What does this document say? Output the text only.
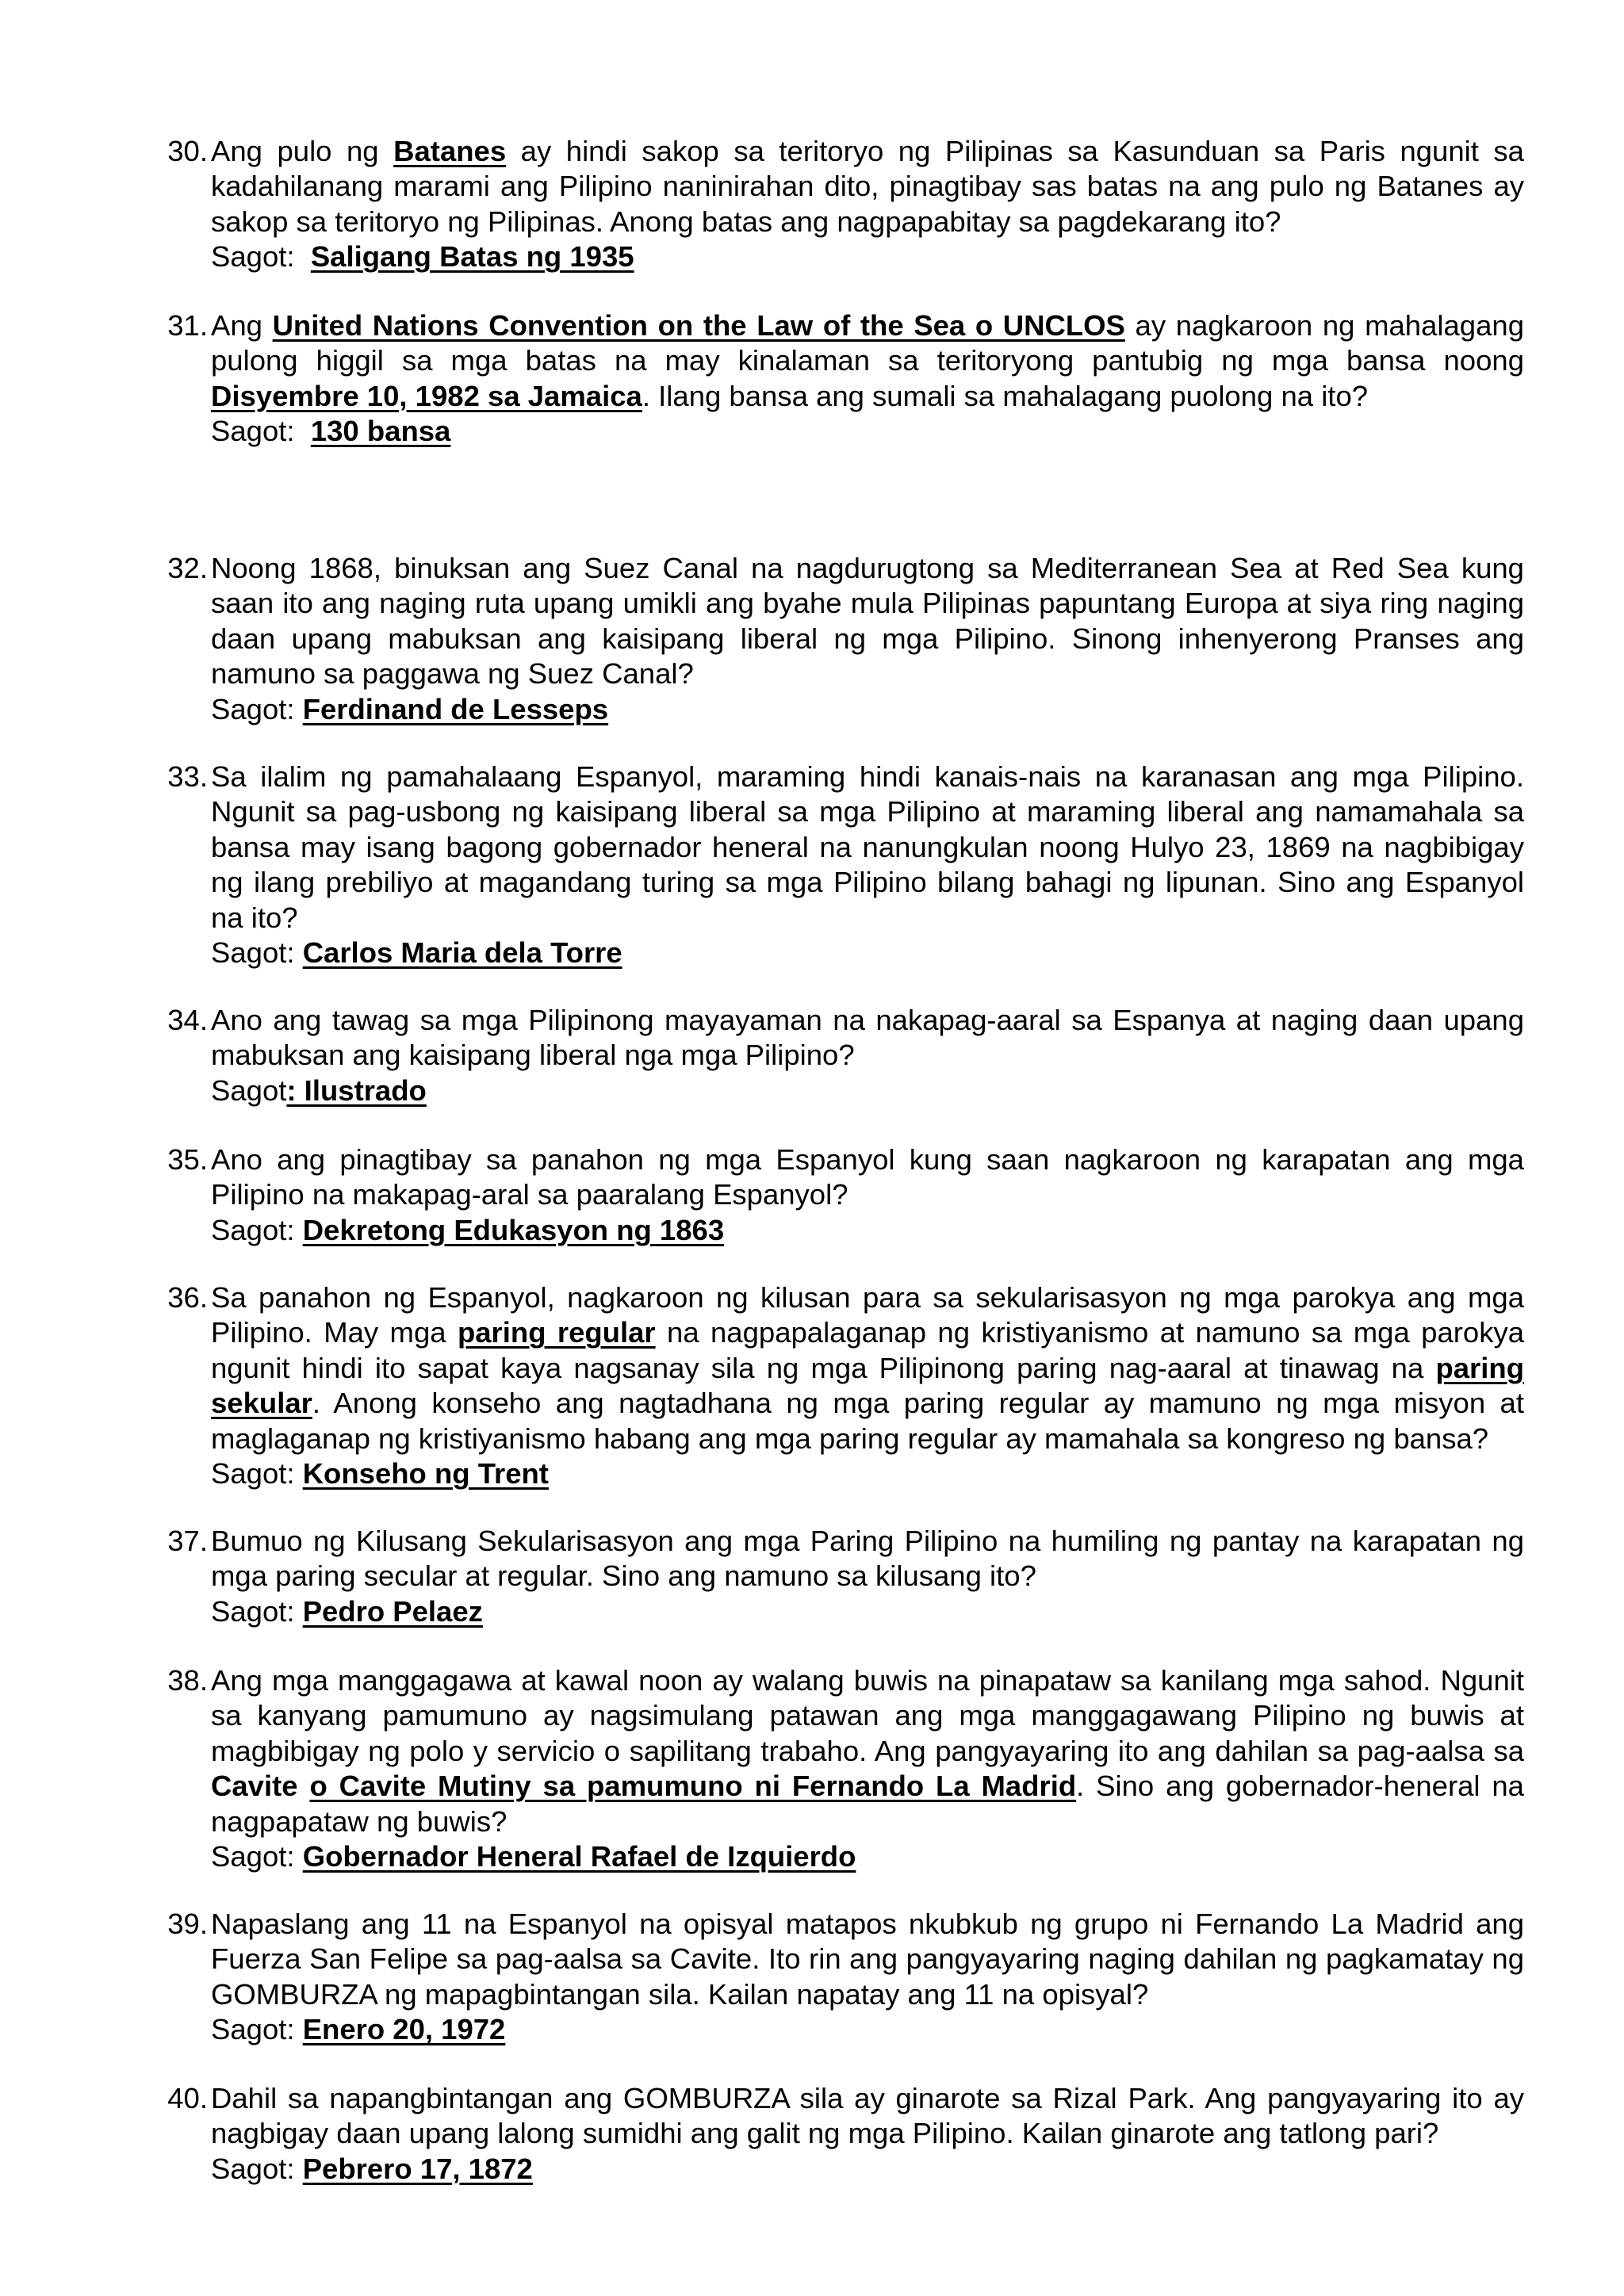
30. Ang pulo ng Batanes ay hindi sakop sa teritoryo ng Pilipinas sa Kasunduan sa Paris ngunit sa kadahilanang marami ang Pilipino naninirahan dito, pinagtibay sas batas na ang pulo ng Batanes ay sakop sa teritoryo ng Pilipinas. Anong batas ang nagpapabitay sa pagdekarang ito?
Sagot: Saligang Batas ng 1935
31. Ang United Nations Convention on the Law of the Sea o UNCLOS ay nagkaroon ng mahalagang pulong higgil sa mga batas na may kinalaman sa teritoryong pantubig ng mga bansa noong Disyembre 10, 1982 sa Jamaica. Ilang bansa ang sumali sa mahalagang puolong na ito?
Sagot: 130 bansa
32. Noong 1868, binuksan ang Suez Canal na nagdurugtong sa Mediterranean Sea at Red Sea kung saan ito ang naging ruta upang umikli ang byahe mula Pilipinas papuntang Europa at siya ring naging daan upang mabuksan ang kaisipang liberal ng mga Pilipino. Sinong inhenyerong Pranses ang namuno sa paggawa ng Suez Canal?
Sagot: Ferdinand de Lesseps
33. Sa ilalim ng pamahalaang Espanyol, maraming hindi kanais-nais na karanasan ang mga Pilipino. Ngunit sa pag-usbong ng kaisipang liberal sa mga Pilipino at maraming liberal ang namamahala sa bansa may isang bagong gobernador heneral na nanungkulan noong Hulyo 23, 1869 na nagbibigay ng ilang prebiliyo at magandang turing sa mga Pilipino bilang bahagi ng lipunan. Sino ang Espanyol na ito?
Sagot: Carlos Maria dela Torre
34. Ano ang tawag sa mga Pilipinong mayayaman na nakapag-aaral sa Espanya at naging daan upang mabuksan ang kaisipang liberal nga mga Pilipino?
Sagot: Ilustrado
35. Ano ang pinagtibay sa panahon ng mga Espanyol kung saan nagkaroon ng karapatan ang mga Pilipino na makapag-aral sa paaralang Espanyol?
Sagot: Dekretong Edukasyon ng 1863
36. Sa panahon ng Espanyol, nagkaroon ng kilusan para sa sekularisasyon ng mga parokya ang mga Pilipino. May mga paring regular na nagpapalaganap ng kristiyanismo at namuno sa mga parokya ngunit hindi ito sapat kaya nagsanay sila ng mga Pilipinong paring nag-aaral at tinawag na paring sekular. Anong konseho ang nagtadhana ng mga paring regular ay mamuno ng mga misyon at maglaganap ng kristiyanismo habang ang mga paring regular ay mamahala sa kongreso ng bansa?
Sagot: Konseho ng Trent
37. Bumuo ng Kilusang Sekularisasyon ang mga Paring Pilipino na humiling ng pantay na karapatan ng mga paring secular at regular. Sino ang namuno sa kilusang ito?
Sagot: Pedro Pelaez
38. Ang mga manggagawa at kawal noon ay walang buwis na pinapataw sa kanilang mga sahod. Ngunit sa kanyang pamumuno ay nagsimulang patawan ang mga manggagawang Pilipino ng buwis at magbibigay ng polo y servicio o sapilitang trabaho. Ang pangyayaring ito ang dahilan sa pag-aalsa sa Cavite o Cavite Mutiny sa pamumuno ni Fernando La Madrid. Sino ang gobernador-heneral na nagpapataw ng buwis?
Sagot: Gobernador Heneral Rafael de Izquierdo
39. Napaslang ang 11 na Espanyol na opisyal matapos nkubkub ng grupo ni Fernando La Madrid ang Fuerza San Felipe sa pag-aalsa sa Cavite. Ito rin ang pangyayaring naging dahilan ng pagkamatay ng GOMBURZA ng mapagbintangan sila. Kailan napatay ang 11 na opisyal?
Sagot: Enero 20, 1972
40. Dahil sa napangbintangan ang GOMBURZA sila ay ginarote sa Rizal Park. Ang pangyayaring ito ay nagbigay daan upang lalong sumidhi ang galit ng mga Pilipino. Kailan ginarote ang tatlong pari?
Sagot: Pebrero 17, 1872
